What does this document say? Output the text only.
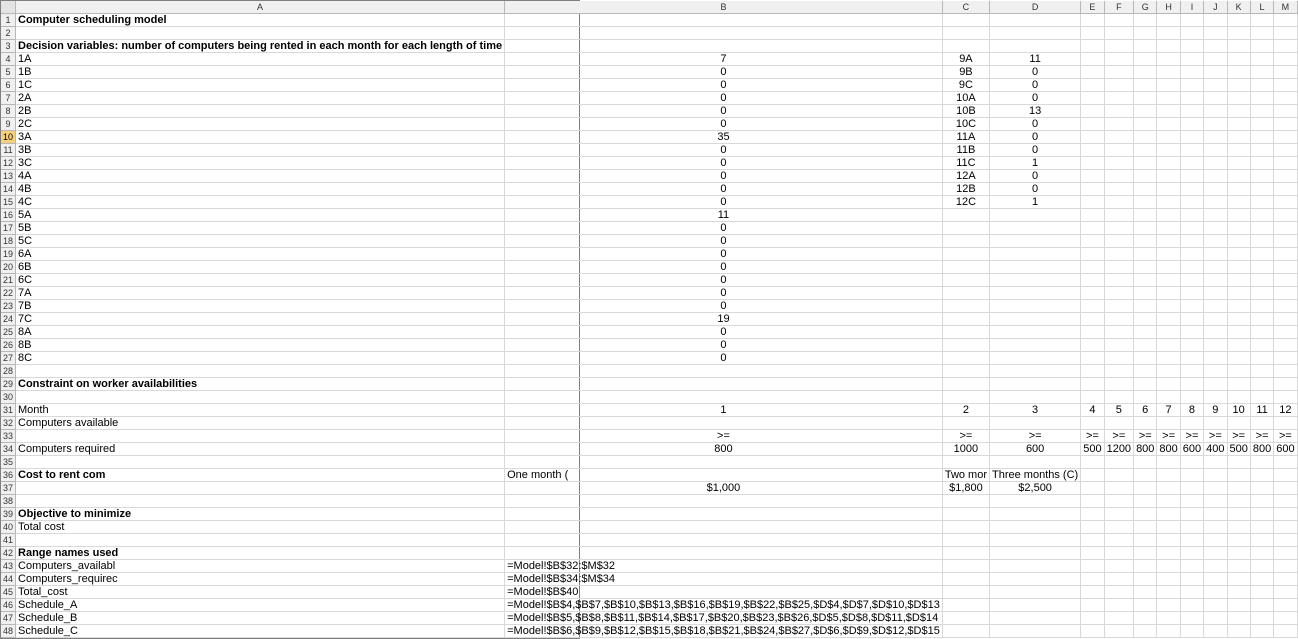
	A	B	C	D	E	F	G	H	I	J	K	L	M
1	Computer scheduling model												
2													
3	Decision variables: number of computers being rented in each month for each length of time												
4	1A	7	9A	11									
5	1B	0	9B	0									
6	1C	0	9C	0									
7	2A	0	10A	0									
8	2B	0	10B	13									
9	2C	0	10C	0									
10	3A	35	11A	0									
11	3B	0	11B	0									
12	3C	0	11C	1									
13	4A	0	12A	0									
14	4B	0	12B	0									
15	4C	0	12C	1									
16	5A	11											
17	5B	0											
18	5C	0											
19	6A	0											
20	6B	0											
21	6C	0											
22	7A	0											
23	7B	0											
24	7C	19											
25	8A	0											
26	8B	0											
27	8C	0											
28													
29	Constraint on worker availabilities												
30													
31	Month	1	2	3	4	5	6	7	8	9	10	11	12
32	Computers available												
33		>=	>=	>=	>=	>=	>=	>=	>=	>=	>=	>=	>=
34	Computers required	800	1000	600	500	1200	800	800	600	400	500	800	600
35													
36	Cost to rent com	One month (	Two mor	Three months (C)									
37		$1,000	$1,800	$2,500									
38													
39	Objective to minimize												
40	Total cost												
41													
42	Range names used												
43	Computers_availabl	=Model!$B$32:$M$32											
44	Computers_requirec	=Model!$B$34:$M$34											
45	Total_cost	=Model!$B$40											
46	Schedule_A	=Model!$B$4,$B$7,$B$10,$B$13,$B$16,$B$19,$B$22,$B$25,$D$4,$D$7,$D$10,$D$13											
47	Schedule_B	=Model!$B$5,$B$8,$B$11,$B$14,$B$17,$B$20,$B$23,$B$26,$D$5,$D$8,$D$11,$D$14											
48	Schedule_C	=Model!$B$6,$B$9,$B$12,$B$15,$B$18,$B$21,$B$24,$B$27,$D$6,$D$9,$D$12,$D$15											
